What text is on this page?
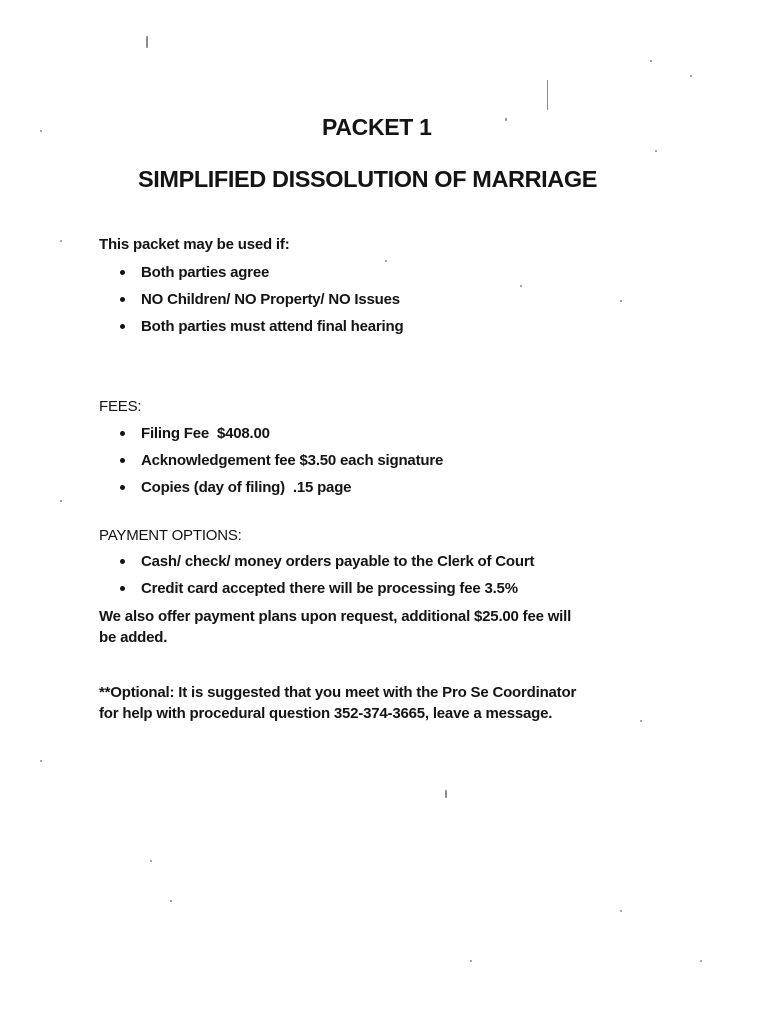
PACKET 1
SIMPLIFIED DISSOLUTION OF MARRIAGE
This packet may be used if:
Both parties agree
NO Children/ NO Property/ NO Issues
Both parties must attend final hearing
FEES:
Filing Fee  $408.00
Acknowledgement fee $3.50 each signature
Copies (day of filing)  .15 page
PAYMENT OPTIONS:
Cash/ check/ money orders payable to the Clerk of Court
Credit card accepted there will be processing fee 3.5%
We also offer payment plans upon request, additional $25.00 fee will
be added.
**Optional: It is suggested that you meet with the Pro Se Coordinator
for help with procedural question 352-374-3665, leave a message.
